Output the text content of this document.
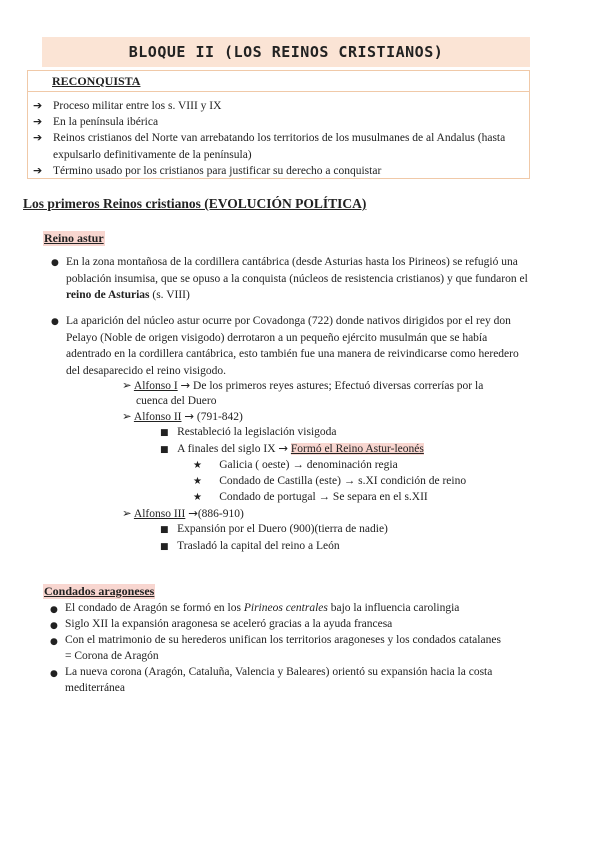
BLOQUE II (LOS REINOS CRISTIANOS)
RECONQUISTA
➔ Proceso militar entre los s. VIII y IX
➔ En la península ibérica
➔ Reinos cristianos del Norte van arrebatando los territorios de los musulmanes de al Andalus (hasta expulsarlo definitivamente de la península)
➔ Término usado por los cristianos para justificar su derecho a conquistar
Los primeros Reinos cristianos (EVOLUCIÓN POLÍTICA)
Reino astur
● En la zona montañosa de la cordillera cantábrica (desde Asturias hasta los Pirineos) se refugió una población insumisa, que se opuso a la conquista (núcleos de resistencia cristianos) y que fundaron el reino de Asturias (s. VIII)
● La aparición del núcleo astur ocurre por Covadonga (722) donde nativos dirigidos por el rey don Pelayo (Noble de origen visigodo) derrotaron a un pequeño ejército musulmán que se había adentrado en la cordillera cantábrica, esto también fue una manera de reivindicarse como heredero del desaparecido el reino visigodo.
➢ Alfonso I → De los primeros reyes astures; Efectuó diversas correrías por la
cuenca del Duero
➢ Alfonso II → (791-842)
■ Restableció la legislación visigoda
■ A finales del siglo IX → Formó el Reino Astur-leonés
★ Galicia ( oeste) → denominación regia
★ Condado de Castilla (este) → s.XI condición de reino
★ Condado de portugal → Se separa en el s.XII
➢ Alfonso III →(886-910)
■ Expansión por el Duero (900)(tierra de nadie)
■ Trasladó la capital del reino a León
Condados aragoneses
● El condado de Aragón se formó en los Pirineos centrales bajo la influencia carolingia
● Siglo XII la expansión aragonesa se aceleró gracias a la ayuda francesa
● Con el matrimonio de su herederos unifican los territorios aragoneses y los condados catalanes
= Corona de Aragón
● La nueva corona (Aragón, Cataluña, Valencia y Baleares) orientó su expansión hacia la costa
mediterránea
